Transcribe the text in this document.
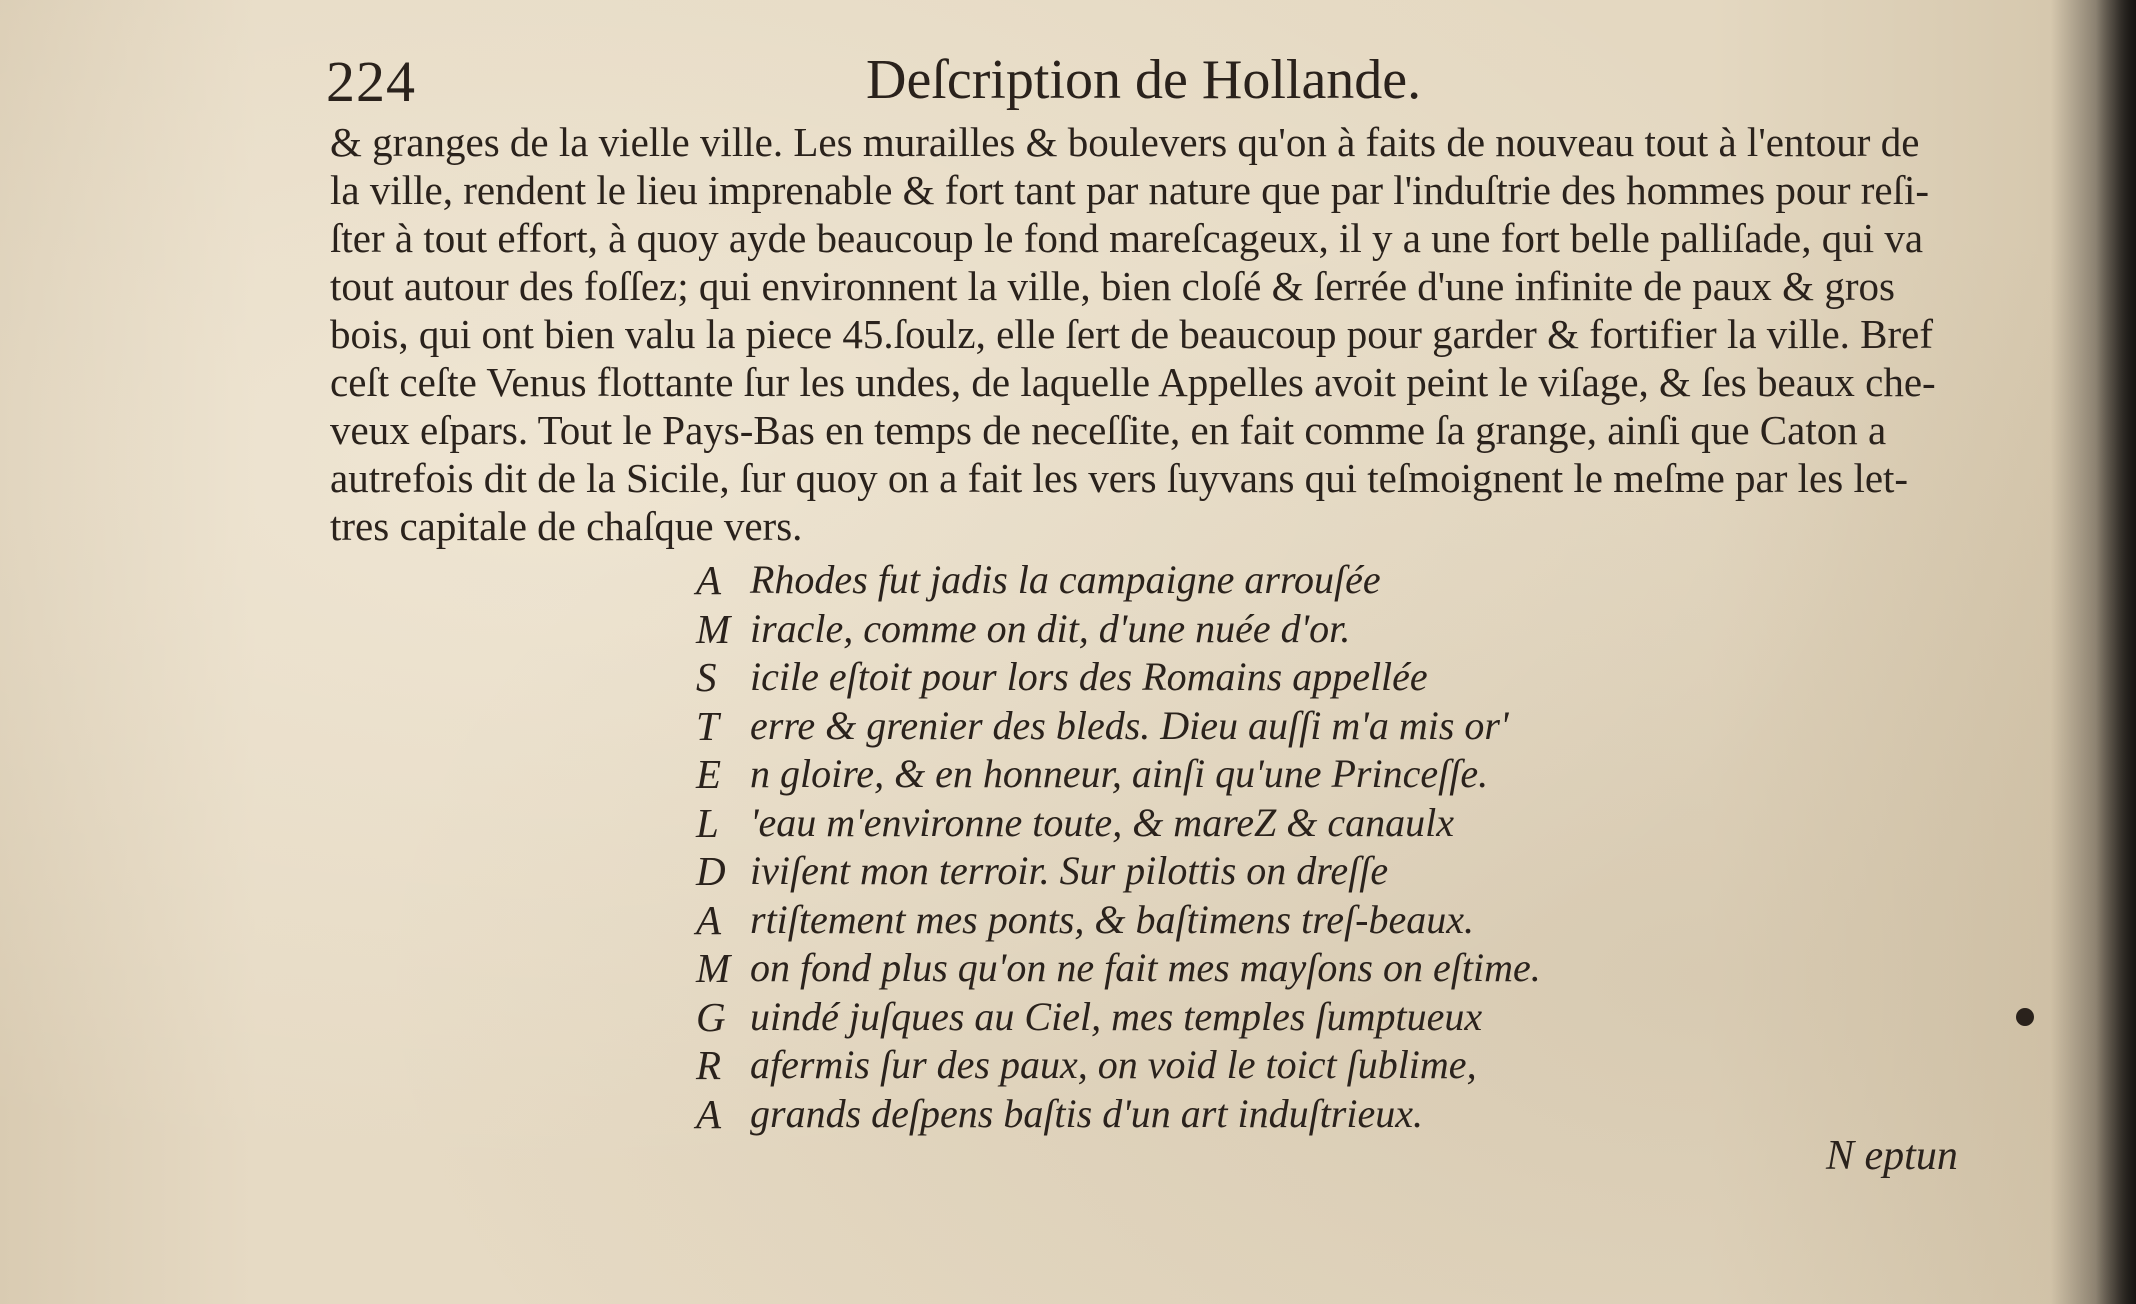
224	Deſcription de Hollande.
& granges de la vielle ville. Les murailles & boulevers qu'on à faits de nouveau tout à l'entour de
la ville, rendent le lieu imprenable & fort tant par nature que par l'induſtrie des hommes pour reſi-
ſter à tout effort, à quoy ayde beaucoup le fond mareſcageux, il y a une fort belle palliſade, qui va
tout autour des foſſez; qui environnent la ville, bien cloſé & ſerrée d'une infinite de paux & gros
bois, qui ont bien valu la piece 45.ſoulz, elle ſert de beaucoup pour garder & fortifier la ville. Bref
ceſt ceſte Venus flottante ſur les undes, de laquelle Appelles avoit peint le viſage, & ſes beaux che-
veux eſpars. Tout le Pays-Bas en temps de neceſſite, en fait comme ſa grange, ainſi que Caton a
autrefois dit de la Sicile, ſur quoy on a fait les vers ſuyvans qui teſmoignent le meſme par les let-
tres capitale de chaſque vers.
A Rhodes fut jadis la campaigne arrouſée
M iracle, comme on dit, d'une nuée d'or.
S icile eſtoit pour lors des Romains appellée
T erre & grenier des bleds. Dieu auſſi m'a mis or'
E n gloire, & en honneur, ainſi qu'une Princeſſe.
L 'eau m'environne toute, & mareZ & canaulx
D iviſent mon terroir. Sur pilottis on dreſſe
A rtiſtement mes ponts, & baſtimens treſ-beaux.
M on fond plus qu'on ne fait mes mayſons on eſtime.
G uindé juſques au Ciel, mes temples ſumptueux
R afermis ſur des paux, on void le toict ſublime,
A grands deſpens baſtis d'un art induſtrieux.
N eptun
